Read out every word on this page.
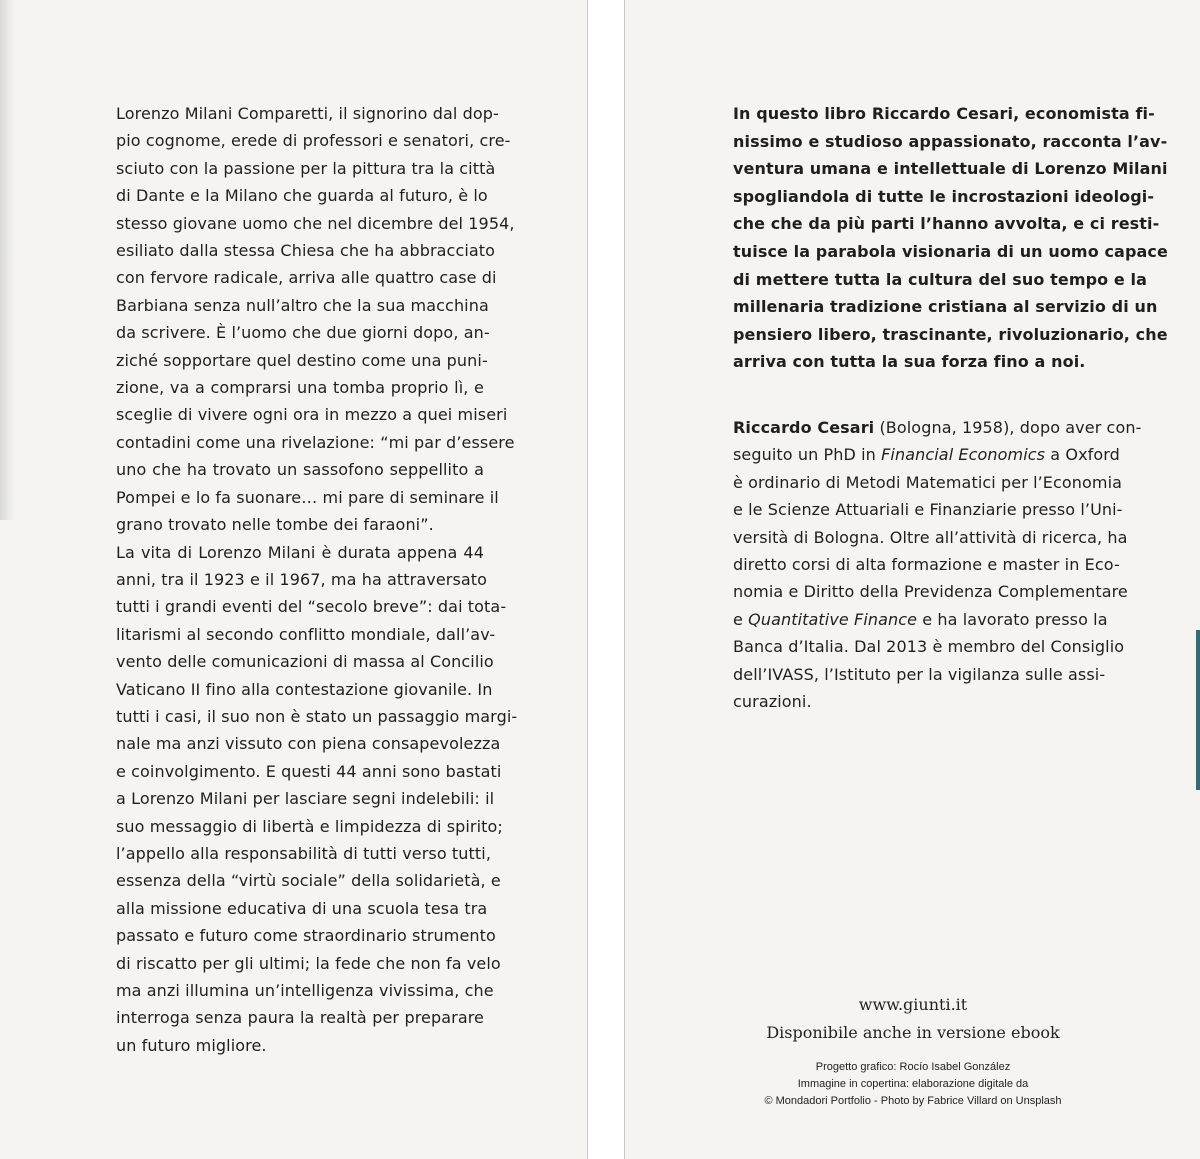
Lorenzo Milani Comparetti, il signorino dal dop-
pio cognome, erede di professori e senatori, cre-
sciuto con la passione per la pittura tra la città
di Dante e la Milano che guarda al futuro, è lo
stesso giovane uomo che nel dicembre del 1954,
esiliato dalla stessa Chiesa che ha abbracciato
con fervore radicale, arriva alle quattro case di
Barbiana senza null’altro che la sua macchina
da scrivere. È l’uomo che due giorni dopo, an-
ziché sopportare quel destino come una puni-
zione, va a comprarsi una tomba proprio lì, e
sceglie di vivere ogni ora in mezzo a quei miseri
contadini come una rivelazione: “mi par d’essere
uno che ha trovato un sassofono seppellito a
Pompei e lo fa suonare… mi pare di seminare il
grano trovato nelle tombe dei faraoni”.
La vita di Lorenzo Milani è durata appena 44
anni, tra il 1923 e il 1967, ma ha attraversato
tutti i grandi eventi del “secolo breve”: dai tota-
litarismi al secondo conflitto mondiale, dall’av-
vento delle comunicazioni di massa al Concilio
Vaticano II fino alla contestazione giovanile. In
tutti i casi, il suo non è stato un passaggio margi-
nale ma anzi vissuto con piena consapevolezza
e coinvolgimento. E questi 44 anni sono bastati
a Lorenzo Milani per lasciare segni indelebili: il
suo messaggio di libertà e limpidezza di spirito;
l’appello alla responsabilità di tutti verso tutti,
essenza della “virtù sociale” della solidarietà, e
alla missione educativa di una scuola tesa tra
passato e futuro come straordinario strumento
di riscatto per gli ultimi; la fede che non fa velo
ma anzi illumina un’intelligenza vivissima, che
interroga senza paura la realtà per preparare
un futuro migliore.
In questo libro Riccardo Cesari, economista fi-
nissimo e studioso appassionato, racconta l’av-
ventura umana e intellettuale di Lorenzo Milani
spogliandola di tutte le incrostazioni ideologi-
che che da più parti l’hanno avvolta, e ci resti-
tuisce la parabola visionaria di un uomo capace
di mettere tutta la cultura del suo tempo e la
millenaria tradizione cristiana al servizio di un
pensiero libero, trascinante, rivoluzionario, che
arriva con tutta la sua forza fino a noi.
Riccardo Cesari (Bologna, 1958), dopo aver con-
seguito un PhD in Financial Economics a Oxford
è ordinario di Metodi Matematici per l’Economia
e le Scienze Attuariali e Finanziarie presso l’Uni-
versità di Bologna. Oltre all’attività di ricerca, ha
diretto corsi di alta formazione e master in Eco-
nomia e Diritto della Previdenza Complementare
e Quantitative Finance e ha lavorato presso la
Banca d’Italia. Dal 2013 è membro del Consiglio
dell’IVASS, l’Istituto per la vigilanza sulle assi-
curazioni.
www.giunti.it
Disponibile anche in versione ebook
Progetto grafico: Rocío Isabel González
Immagine in copertina: elaborazione digitale da
© Mondadori Portfolio - Photo by Fabrice Villard on Unsplash
